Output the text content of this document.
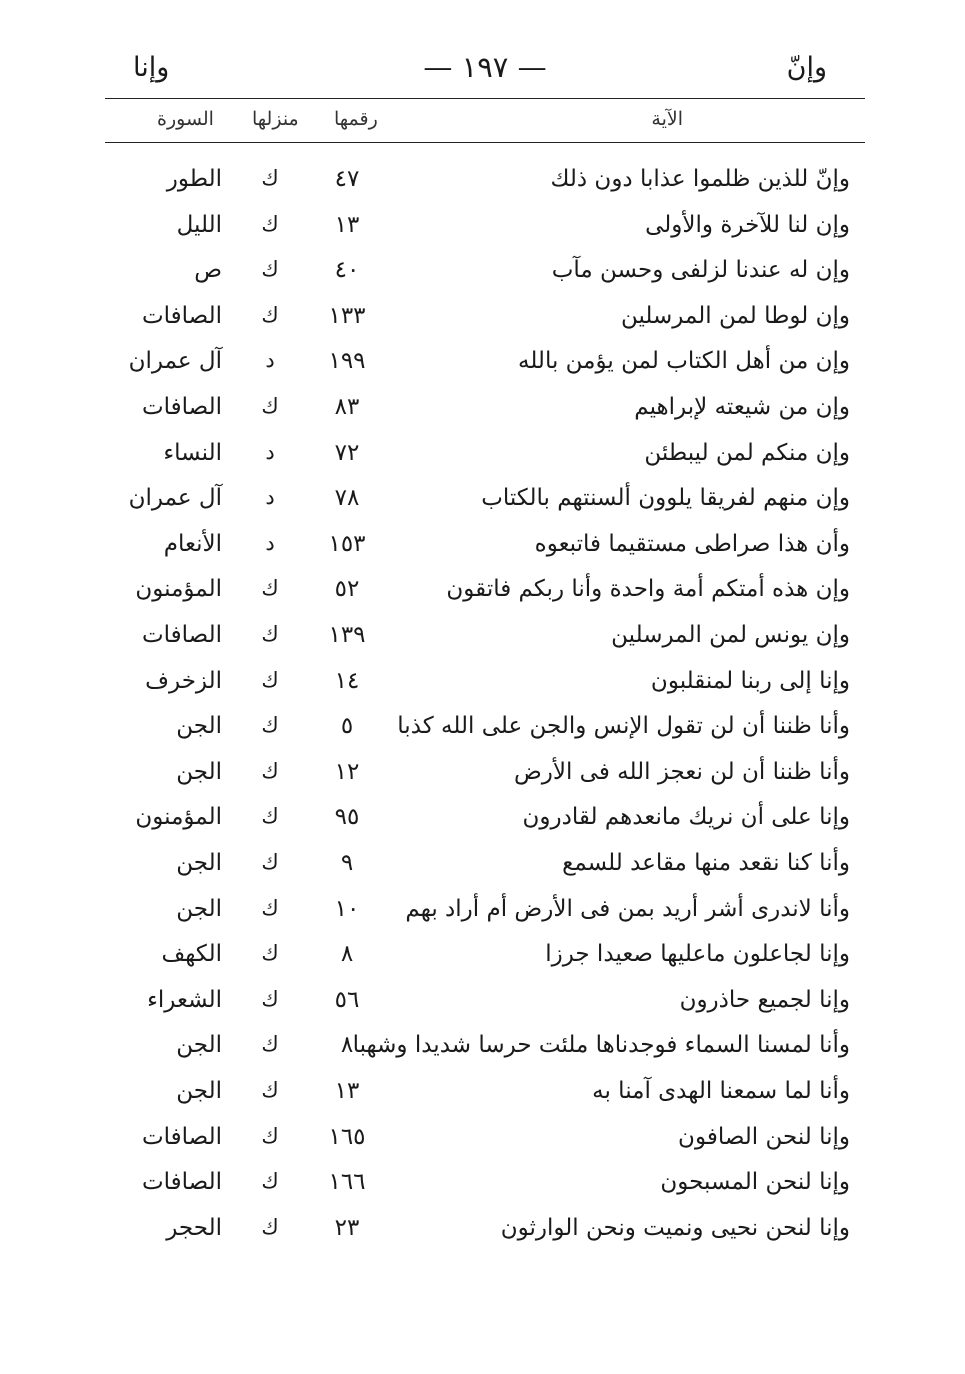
وإنّ
— ١٩٧ —
وإنا
الآية
رقمها
منزلها
السورة
وإنّ للذين ظلموا عذابا دون ذلك
٤٧
ك
الطور
وإن لنا للآخرة والأولى
١٣
ك
الليل
وإن له عندنا لزلفى وحسن مآب
٤٠
ك
ص
وإن لوطا لمن المرسلين
١٣٣
ك
الصافات
وإن من أهل الكتاب لمن يؤمن بالله
١٩٩
د
آل عمران
وإن من شيعته لإبراهيم
٨٣
ك
الصافات
وإن منكم لمن ليبطئن
٧٢
د
النساء
وإن منهم لفريقا يلوون ألسنتهم بالكتاب
٧٨
د
آل عمران
وأن هذا صراطى مستقيما فاتبعوه
١٥٣
د
الأنعام
وإن هذه أمتكم أمة واحدة وأنا ربكم فاتقون
٥٢
ك
المؤمنون
وإن يونس لمن المرسلين
١٣٩
ك
الصافات
وإنا إلى ربنا لمنقلبون
١٤
ك
الزخرف
وأنا ظننا أن لن تقول الإنس والجن على الله كذبا
٥
ك
الجن
وأنا ظننا أن لن نعجز الله فى الأرض
١٢
ك
الجن
وإنا على أن نريك مانعدهم لقادرون
٩٥
ك
المؤمنون
وأنا كنا نقعد منها مقاعد للسمع
٩
ك
الجن
وأنا لاندرى أشر أريد بمن فى الأرض أم أراد بهم
١٠
ك
الجن
وإنا لجاعلون ماعليها صعيدا جرزا
٨
ك
الكهف
وإنا لجميع حاذرون
٥٦
ك
الشعراء
وأنا لمسنا السماء فوجدناها ملئت حرسا شديدا وشهبا
٨
ك
الجن
وأنا لما سمعنا الهدى آمنا به
١٣
ك
الجن
وإنا لنحن الصافون
١٦٥
ك
الصافات
وإنا لنحن المسبحون
١٦٦
ك
الصافات
وإنا لنحن نحيى ونميت ونحن الوارثون
٢٣
ك
الحجر
